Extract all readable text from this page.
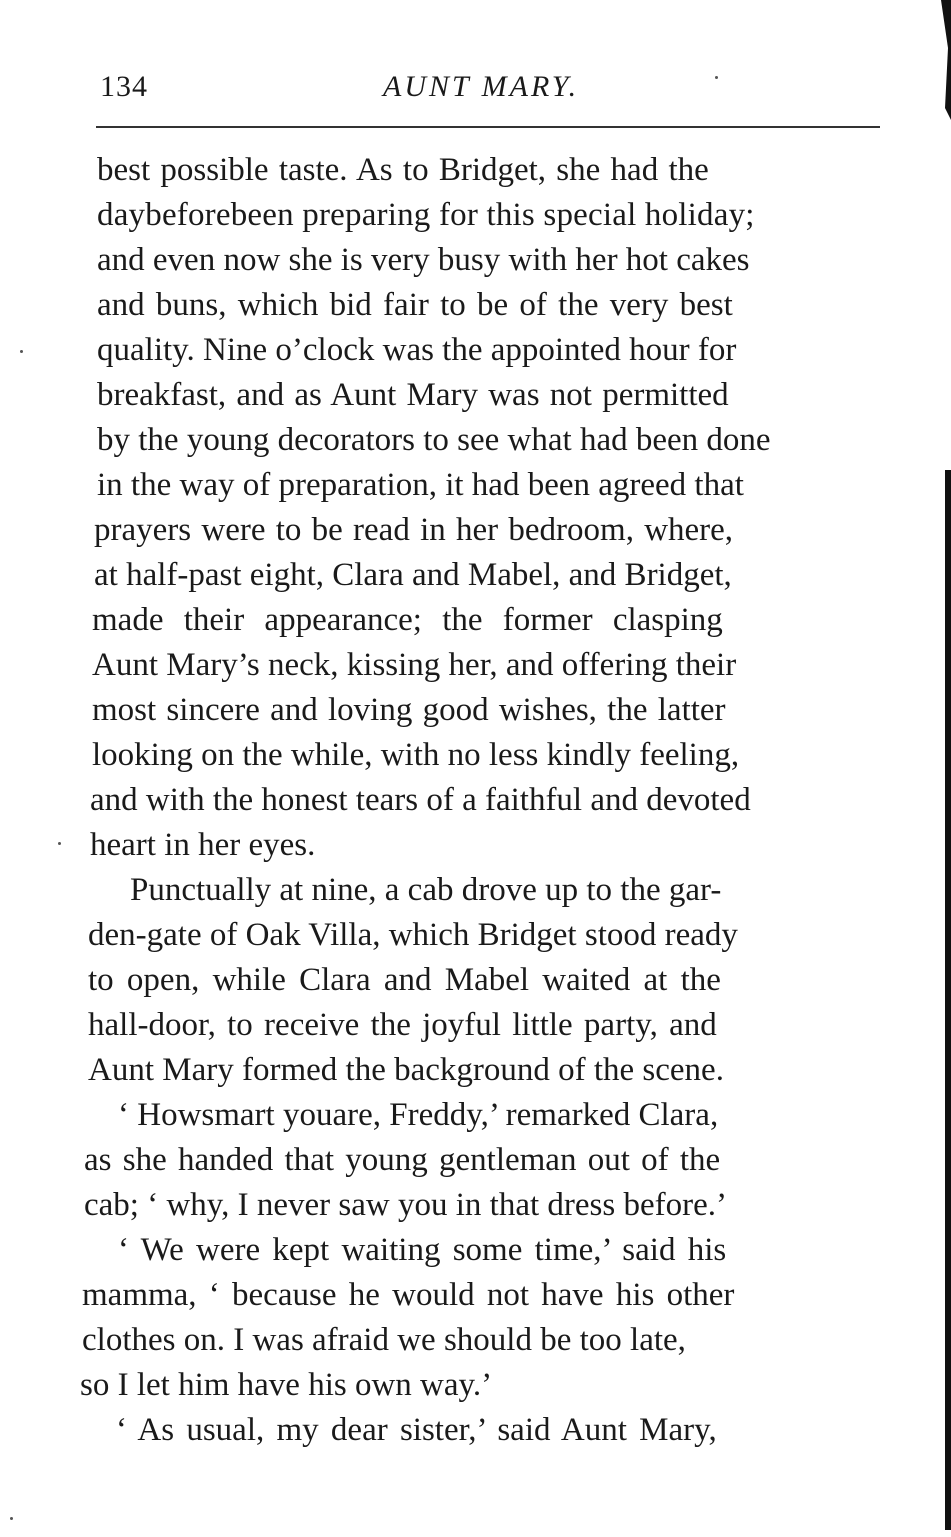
134	AUNT MARY.
best possible taste. As to Bridget, she had the
daybeforebeen preparing for this special holiday;
and even now she is very busy with her hot cakes
and buns, which bid fair to be of the very best
quality. Nine o’clock was the appointed hour for
breakfast, and as Aunt Mary was not permitted
by the young decorators to see what had been done
in the way of preparation, it had been agreed that
prayers were to be read in her bedroom, where,
at half-past eight, Clara and Mabel, and Bridget,
made their appearance; the former clasping
Aunt Mary’s neck, kissing her, and offering their
most sincere and loving good wishes, the latter
looking on the while, with no less kindly feeling,
and with the honest tears of a faithful and devoted
heart in her eyes.
Punctually at nine, a cab drove up to the gar-
den-gate of Oak Villa, which Bridget stood ready
to open, while Clara and Mabel waited at the
hall-door, to receive the joyful little party, and
Aunt Mary formed the background of the scene.
‘ Howsmart youare, Freddy,’ remarked Clara,
as she handed that young gentleman out of the
cab; ‘ why, I never saw you in that dress before.’
‘ We were kept waiting some time,’ said his
mamma, ‘ because he would not have his other
clothes on. I was afraid we should be too late,
so I let him have his own way.’
‘ As usual, my dear sister,’ said Aunt Mary,
